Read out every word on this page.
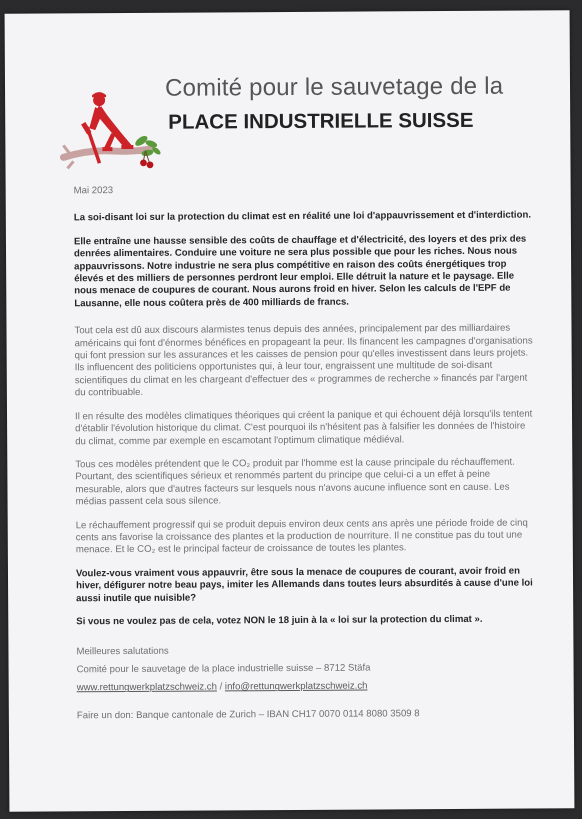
Comité pour le sauvetage de la
PLACE INDUSTRIELLE SUISSE

Mai 2023

La soi-disant loi sur la protection du climat est en réalité une loi d'appauvrissement et d'interdiction.

Elle entraîne une hausse sensible des coûts de chauffage et d'électricité, des loyers et des prix des denrées alimentaires. Conduire une voiture ne sera plus possible que pour les riches. Nous nous appauvrissons. Notre industrie ne sera plus compétitive en raison des coûts énergétiques trop élevés et des milliers de personnes perdront leur emploi. Elle détruit la nature et le paysage. Elle nous menace de coupures de courant. Nous aurons froid en hiver. Selon les calculs de l'EPF de Lausanne, elle nous coûtera près de 400 milliards de francs.

Tout cela est dû aux discours alarmistes tenus depuis des années, principalement par des milliardaires américains qui font d'énormes bénéfices en propageant la peur. Ils financent les campagnes d'organisations qui font pression sur les assurances et les caisses de pension pour qu'elles investissent dans leurs projets. Ils influencent des politiciens opportunistes qui, à leur tour, engraissent une multitude de soi-disant scientifiques du climat en les chargeant d'effectuer des « programmes de recherche » financés par l'argent du contribuable.

Il en résulte des modèles climatiques théoriques qui créent la panique et qui échouent déjà lorsqu'ils tentent d'établir l'évolution historique du climat. C'est pourquoi ils n'hésitent pas à falsifier les données de l'histoire du climat, comme par exemple en escamotant l'optimum climatique médiéval.

Tous ces modèles prétendent que le CO₂ produit par l'homme est la cause principale du réchauffement. Pourtant, des scientifiques sérieux et renommés partent du principe que celui-ci a un effet à peine mesurable, alors que d'autres facteurs sur lesquels nous n'avons aucune influence sont en cause. Les médias passent cela sous silence.

Le réchauffement progressif qui se produit depuis environ deux cents ans après une période froide de cinq cents ans favorise la croissance des plantes et la production de nourriture. Il ne constitue pas du tout une menace. Et le CO₂ est le principal facteur de croissance de toutes les plantes.

Voulez-vous vraiment vous appauvrir, être sous la menace de coupures de courant, avoir froid en hiver, défigurer notre beau pays, imiter les Allemands dans toutes leurs absurdités à cause d'une loi aussi inutile que nuisible?

Si vous ne voulez pas de cela, votez NON le 18 juin à la « loi sur la protection du climat ».

Meilleures salutations

Comité pour le sauvetage de la place industrielle suisse – 8712 Stäfa

www.rettungwerkplatzschweiz.ch / info@rettungwerkplatzschweiz.ch

Faire un don: Banque cantonale de Zurich – IBAN CH17 0070 0114 8080 3509 8
